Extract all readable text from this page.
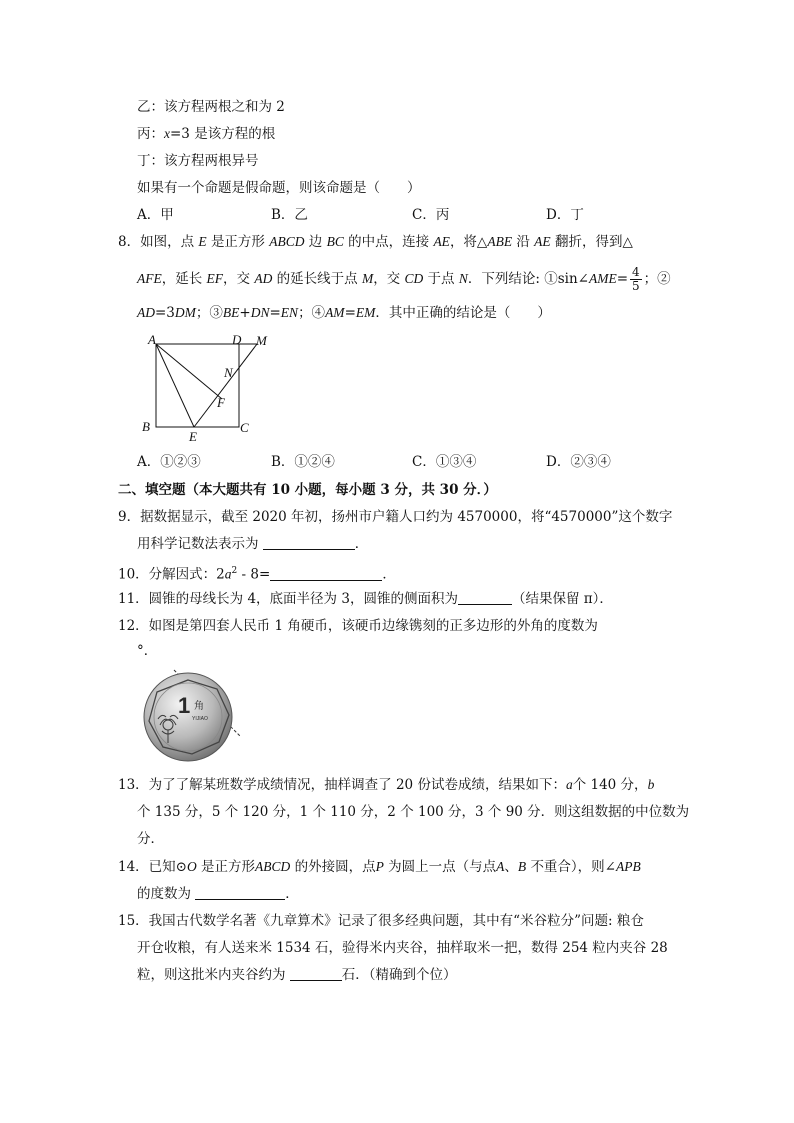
乙：该方程两根之和为 2
丙：x=3 是该方程的根
丁：该方程两根异号
如果有一个命题是假命题，则该命题是（　　）
A．甲	B．乙	C．丙	D．丁
8．如图，点 E 是正方形 ABCD 边 BC 的中点，连接 AE，将△ABE 沿 AE 翻折，得到△
AFE，延长 EF，交 AD 的延长线于点 M，交 CD 于点 N．下列结论: ①sin∠AME= $\frac{4}{5}$ ；②
AD=3DM；③BE+DN=EN；④AM=EM．其中正确的结论是（　　）
A	D M
N
F
B
E
C
A．①②③	B．①②④	C．①③④	D．②③④
二、填空题（本大题共有 10 小题，每小题 3 分，共 30 分．）
9．据数据显示，截至 2020 年初，扬州市户籍人口约为 4570000，将“4570000”这个数字
用科学记数法表示为	．
10．分解因式：$2a^2 - 8=$	．
11．圆锥的母线长为 4，底面半径为 3，圆锥的侧面积为	（结果保留 π）．
12．如图是第四套人民币 1 角硬币，该硬币边缘镌刻的正多边形的外角的度数为
°．
1 角
YIJIAO
13．为了了解某班数学成绩情况，抽样调查了 20 份试卷成绩，结果如下：a个 140 分，b
个 135 分，5 个 120 分，1 个 110 分，2 个 100 分，3 个 90 分．则这组数据的中位数为
分．
14．已知⊙O 是正方形ABCD 的外接圆，点P 为圆上一点（与点A、B 不重合），则∠APB
的度数为	．
15．我国古代数学名著《九章算术》记录了很多经典问题，其中有“米谷粒分”问题: 粮仓
开仓收粮，有人送来米 1534 石，验得米内夹谷，抽样取米一把，数得 254 粒内夹谷 28
粒，则这批米内夹谷约为	石．（精确到个位）
